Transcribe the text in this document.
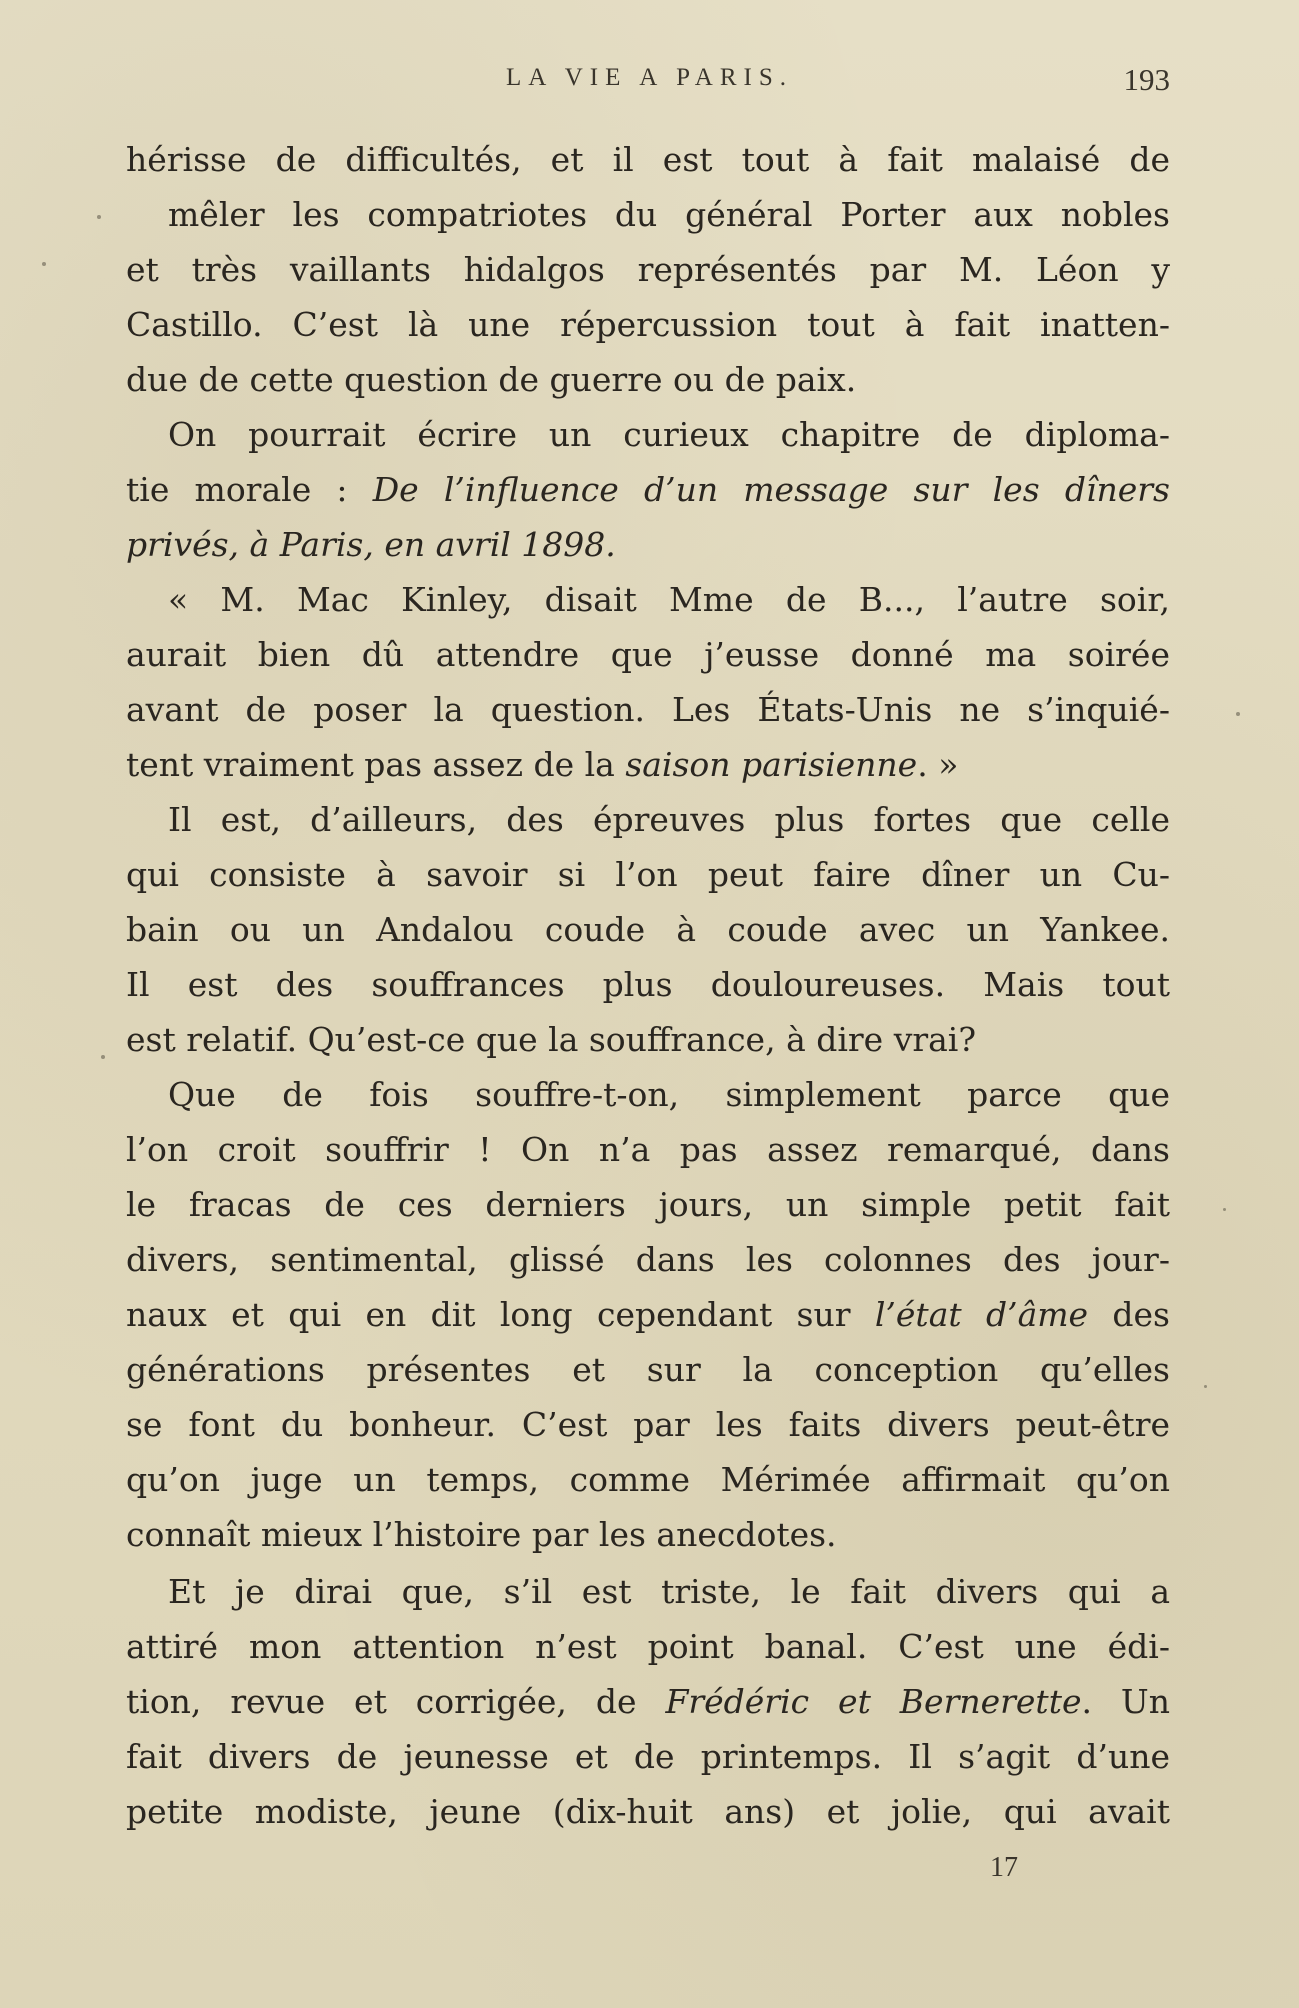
LA VIE A PARIS.	193
hérisse de difficultés, et il est tout à fait malaisé de
mêler les compatriotes du général Porter aux nobles
et très vaillants hidalgos représentés par M. Léon y
Castillo. C’est là une répercussion tout à fait inatten-
due de cette question de guerre ou de paix.
On pourrait écrire un curieux chapitre de diploma-
tie morale : De l’influence d’un message sur les dîners
privés, à Paris, en avril 1898.
« M. Mac Kinley, disait Mme de B..., l’autre soir,
aurait bien dû attendre que j’eusse donné ma soirée
avant de poser la question. Les États-Unis ne s’inquié-
tent vraiment pas assez de la saison parisienne. »
Il est, d’ailleurs, des épreuves plus fortes que celle
qui consiste à savoir si l’on peut faire dîner un Cu-
bain ou un Andalou coude à coude avec un Yankee.
Il est des souffrances plus douloureuses. Mais tout
est relatif. Qu’est-ce que la souffrance, à dire vrai?
Que de fois souffre-t-on, simplement parce que
l’on croit souffrir ! On n’a pas assez remarqué, dans
le fracas de ces derniers jours, un simple petit fait
divers, sentimental, glissé dans les colonnes des jour-
naux et qui en dit long cependant sur l’état d’âme des
générations présentes et sur la conception qu’elles
se font du bonheur. C’est par les faits divers peut-être
qu’on juge un temps, comme Mérimée affirmait qu’on
connaît mieux l’histoire par les anecdotes.
Et je dirai que, s’il est triste, le fait divers qui a
attiré mon attention n’est point banal. C’est une édi-
tion, revue et corrigée, de Frédéric et Bernerette. Un
fait divers de jeunesse et de printemps. Il s’agit d’une
petite modiste, jeune (dix-huit ans) et jolie, qui avait
17
